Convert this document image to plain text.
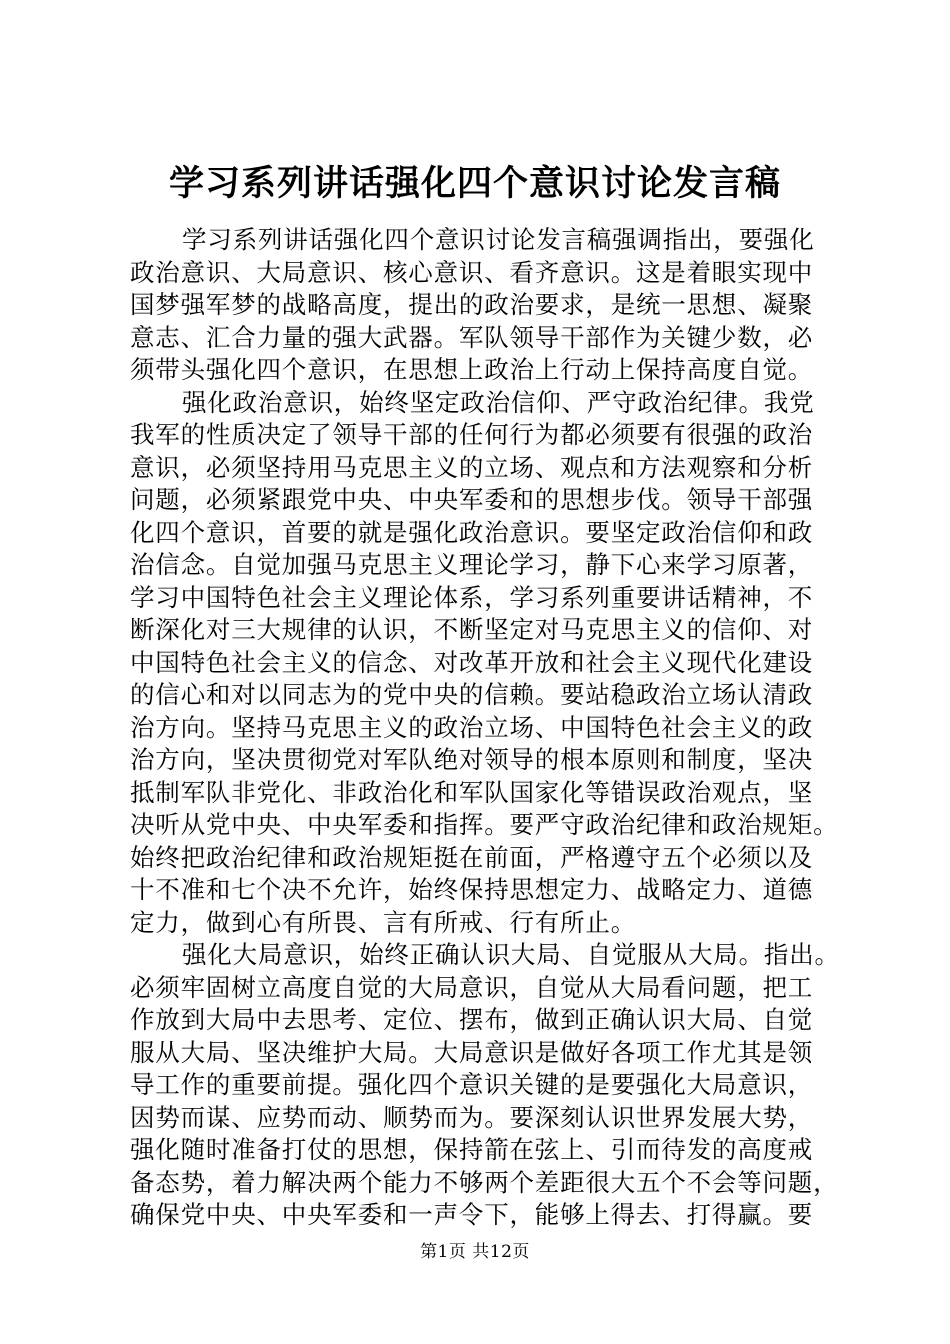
学习系列讲话强化四个意识讨论发言稿
学习系列讲话强化四个意识讨论发言稿强调指出，要强化
政治意识、大局意识、核心意识、看齐意识。这是着眼实现中
国梦强军梦的战略高度，提出的政治要求，是统一思想、凝聚
意志、汇合力量的强大武器。军队领导干部作为关键少数，必
须带头强化四个意识，在思想上政治上行动上保持高度自觉。
强化政治意识，始终坚定政治信仰、严守政治纪律。我党
我军的性质决定了领导干部的任何行为都必须要有很强的政治
意识，必须坚持用马克思主义的立场、观点和方法观察和分析
问题，必须紧跟党中央、中央军委和的思想步伐。领导干部强
化四个意识，首要的就是强化政治意识。要坚定政治信仰和政
治信念。自觉加强马克思主义理论学习，静下心来学习原著，
学习中国特色社会主义理论体系，学习系列重要讲话精神，不
断深化对三大规律的认识，不断坚定对马克思主义的信仰、对
中国特色社会主义的信念、对改革开放和社会主义现代化建设
的信心和对以同志为的党中央的信赖。要站稳政治立场认清政
治方向。坚持马克思主义的政治立场、中国特色社会主义的政
治方向，坚决贯彻党对军队绝对领导的根本原则和制度，坚决
抵制军队非党化、非政治化和军队国家化等错误政治观点，坚
决听从党中央、中央军委和指挥。要严守政治纪律和政治规矩。
始终把政治纪律和政治规矩挺在前面，严格遵守五个必须以及
十不准和七个决不允许，始终保持思想定力、战略定力、道德
定力，做到心有所畏、言有所戒、行有所止。
强化大局意识，始终正确认识大局、自觉服从大局。指出。
必须牢固树立高度自觉的大局意识，自觉从大局看问题，把工
作放到大局中去思考、定位、摆布，做到正确认识大局、自觉
服从大局、坚决维护大局。大局意识是做好各项工作尤其是领
导工作的重要前提。强化四个意识关键的是要强化大局意识，
因势而谋、应势而动、顺势而为。要深刻认识世界发展大势，
强化随时准备打仗的思想，保持箭在弦上、引而待发的高度戒
备态势，着力解决两个能力不够两个差距很大五个不会等问题，
确保党中央、中央军委和一声令下，能够上得去、打得赢。要
第1页 共12页
